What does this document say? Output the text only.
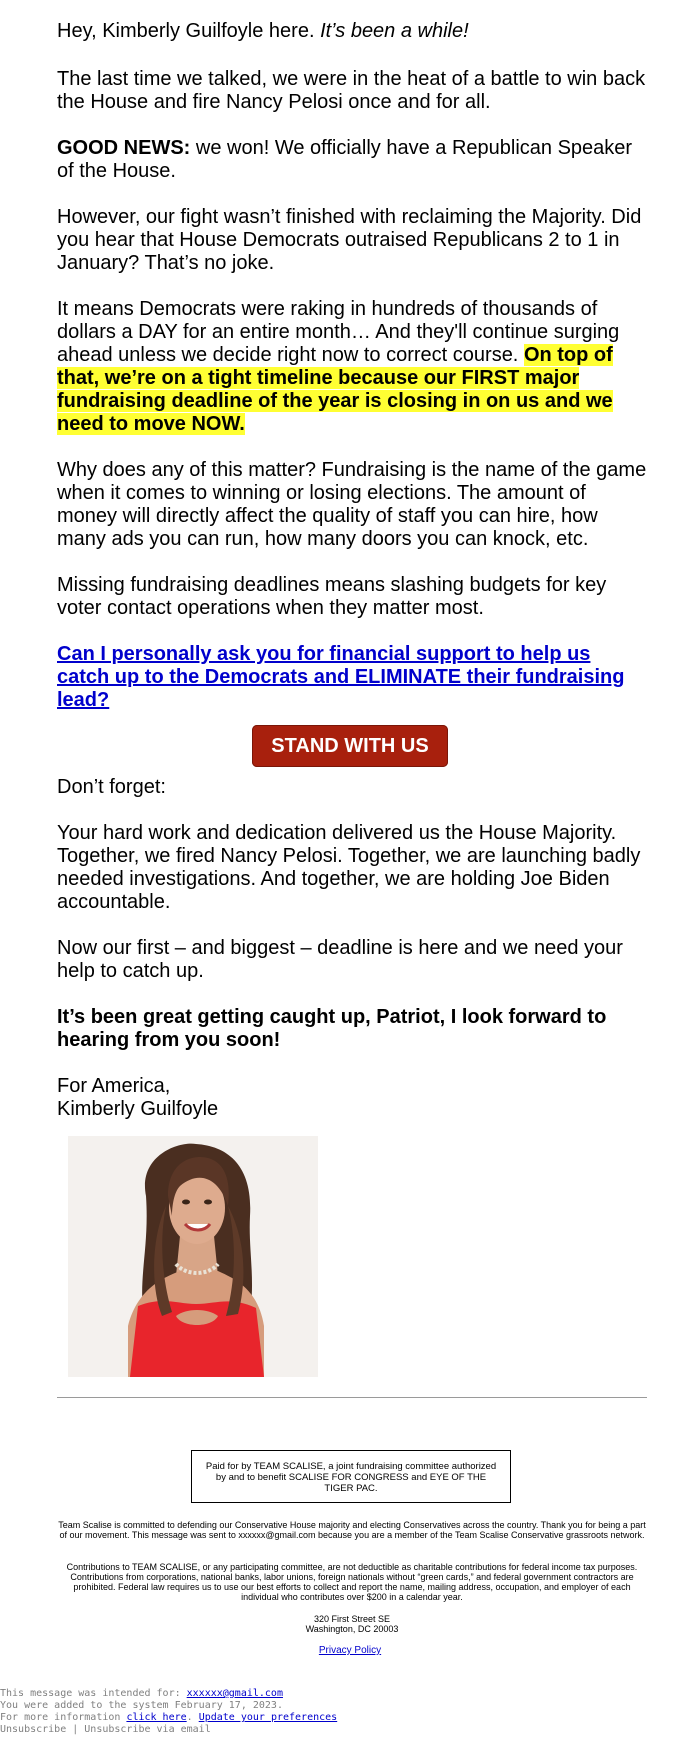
Hey, Kimberly Guilfoyle here. It’s been a while!

The last time we talked, we were in the heat of a battle to win back the House and fire Nancy Pelosi once and for all.

GOOD NEWS: we won! We officially have a Republican Speaker of the House.

However, our fight wasn’t finished with reclaiming the Majority. Did you hear that House Democrats outraised Republicans 2 to 1 in January? That’s no joke.

It means Democrats were raking in hundreds of thousands of dollars a DAY for an entire month… And they'll continue surging ahead unless we decide right now to correct course. On top of that, we’re on a tight timeline because our FIRST major fundraising deadline of the year is closing in on us and we need to move NOW.

Why does any of this matter? Fundraising is the name of the game when it comes to winning or losing elections. The amount of money will directly affect the quality of staff you can hire, how many ads you can run, how many doors you can knock, etc.

Missing fundraising deadlines means slashing budgets for key voter contact operations when they matter most.

Can I personally ask you for financial support to help us catch up to the Democrats and ELIMINATE their fundraising lead?

Don’t forget:

Your hard work and dedication delivered us the House Majority. Together, we fired Nancy Pelosi. Together, we are launching badly needed investigations. And together, we are holding Joe Biden accountable.

Now our first – and biggest – deadline is here and we need your help to catch up.

It’s been great getting caught up, Patriot, I look forward to hearing from you soon!

For America,

Kimberly Guilfoyle

STAND WITH US
Paid for by TEAM SCALISE, a joint fundraising committee authorized by and to benefit SCALISE FOR CONGRESS and EYE OF THE TIGER PAC.
Team Scalise is committed to defending our Conservative House majority and electing Conservatives across the country. Thank you for being a part of our movement. This message was sent to xxxxxx@gmail.com because you are a member of the Team Scalise Conservative grassroots network.
Contributions to TEAM SCALISE, or any participating committee, are not deductible as charitable contributions for federal income tax purposes. Contributions from corporations, national banks, labor unions, foreign nationals without “green cards,” and federal government contractors are prohibited. Federal law requires us to use our best efforts to collect and report the name, mailing address, occupation, and employer of each individual who contributes over $200 in a calendar year.
320 First Street SE
Washington, DC 20003
Privacy Policy
This message was intended for: xxxxxx@gmail.com
You were added to the system February 17, 2023.
For more information click here. Update your preferences
Unsubscribe | Unsubscribe via email
